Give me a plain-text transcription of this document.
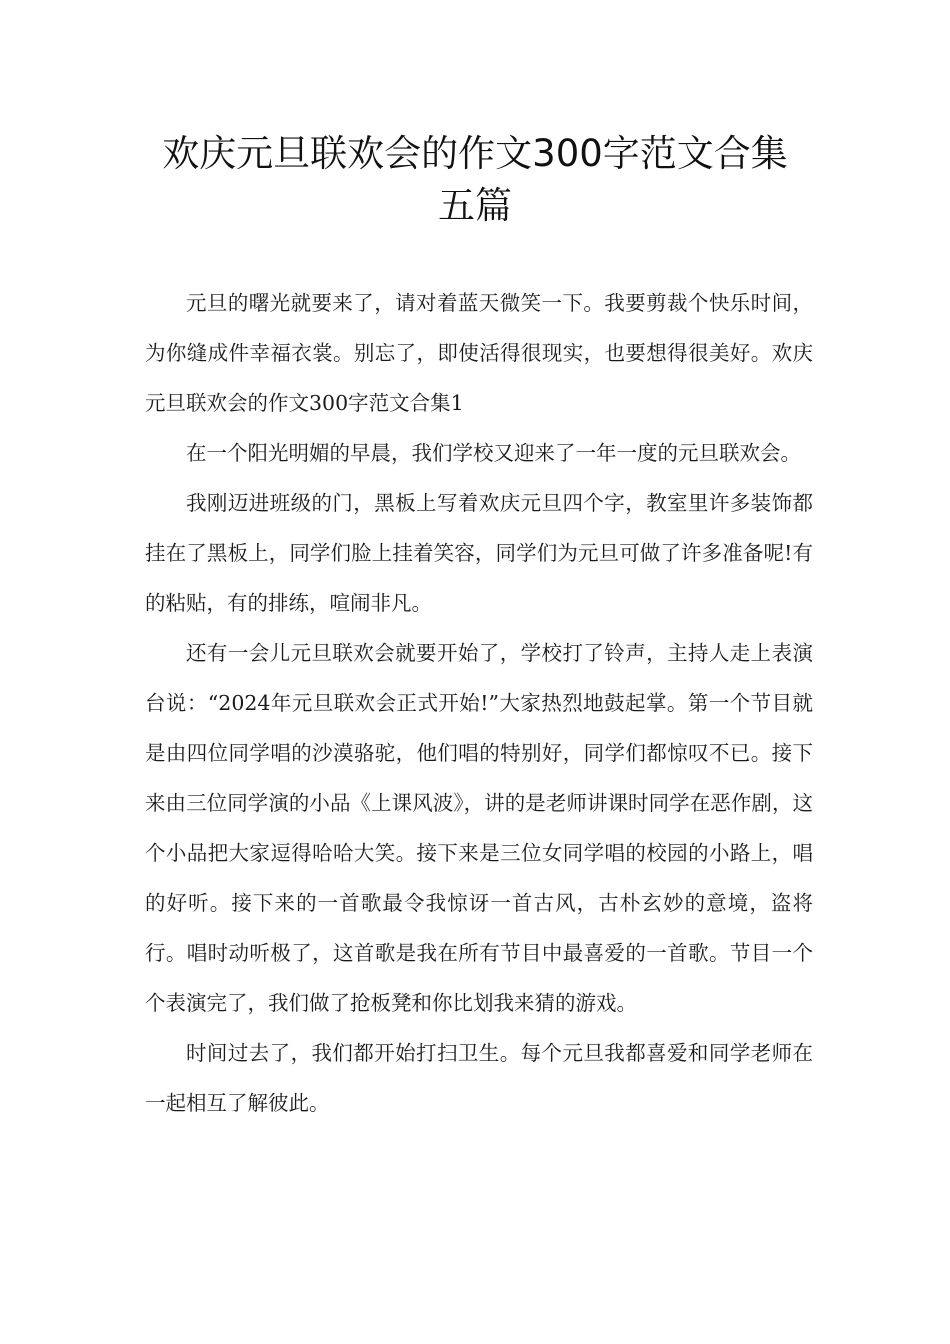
欢庆元旦联欢会的作文300字范文合集
五篇

元旦的曙光就要来了，请对着蓝天微笑一下。我要剪裁个快乐时间，为你缝成件幸福衣裳。别忘了，即使活得很现实，也要想得很美好。欢庆元旦联欢会的作文300字范文合集1

在一个阳光明媚的早晨，我们学校又迎来了一年一度的元旦联欢会。

我刚迈进班级的门，黑板上写着欢庆元旦四个字，教室里许多装饰都挂在了黑板上，同学们脸上挂着笑容，同学们为元旦可做了许多准备呢!有的粘贴，有的排练，喧闹非凡。

还有一会儿元旦联欢会就要开始了，学校打了铃声，主持人走上表演台说：“2024年元旦联欢会正式开始!”大家热烈地鼓起掌。第一个节目就是由四位同学唱的沙漠骆驼，他们唱的特别好，同学们都惊叹不已。接下来由三位同学演的小品《上课风波》，讲的是老师讲课时同学在恶作剧，这个小品把大家逗得哈哈大笑。接下来是三位女同学唱的校园的小路上，唱的好听。接下来的一首歌最令我惊讶一首古风，古朴玄妙的意境，盗将行。唱时动听极了，这首歌是我在所有节目中最喜爱的一首歌。节目一个个表演完了，我们做了抢板凳和你比划我来猜的游戏。

时间过去了，我们都开始打扫卫生。每个元旦我都喜爱和同学老师在一起相互了解彼此。
